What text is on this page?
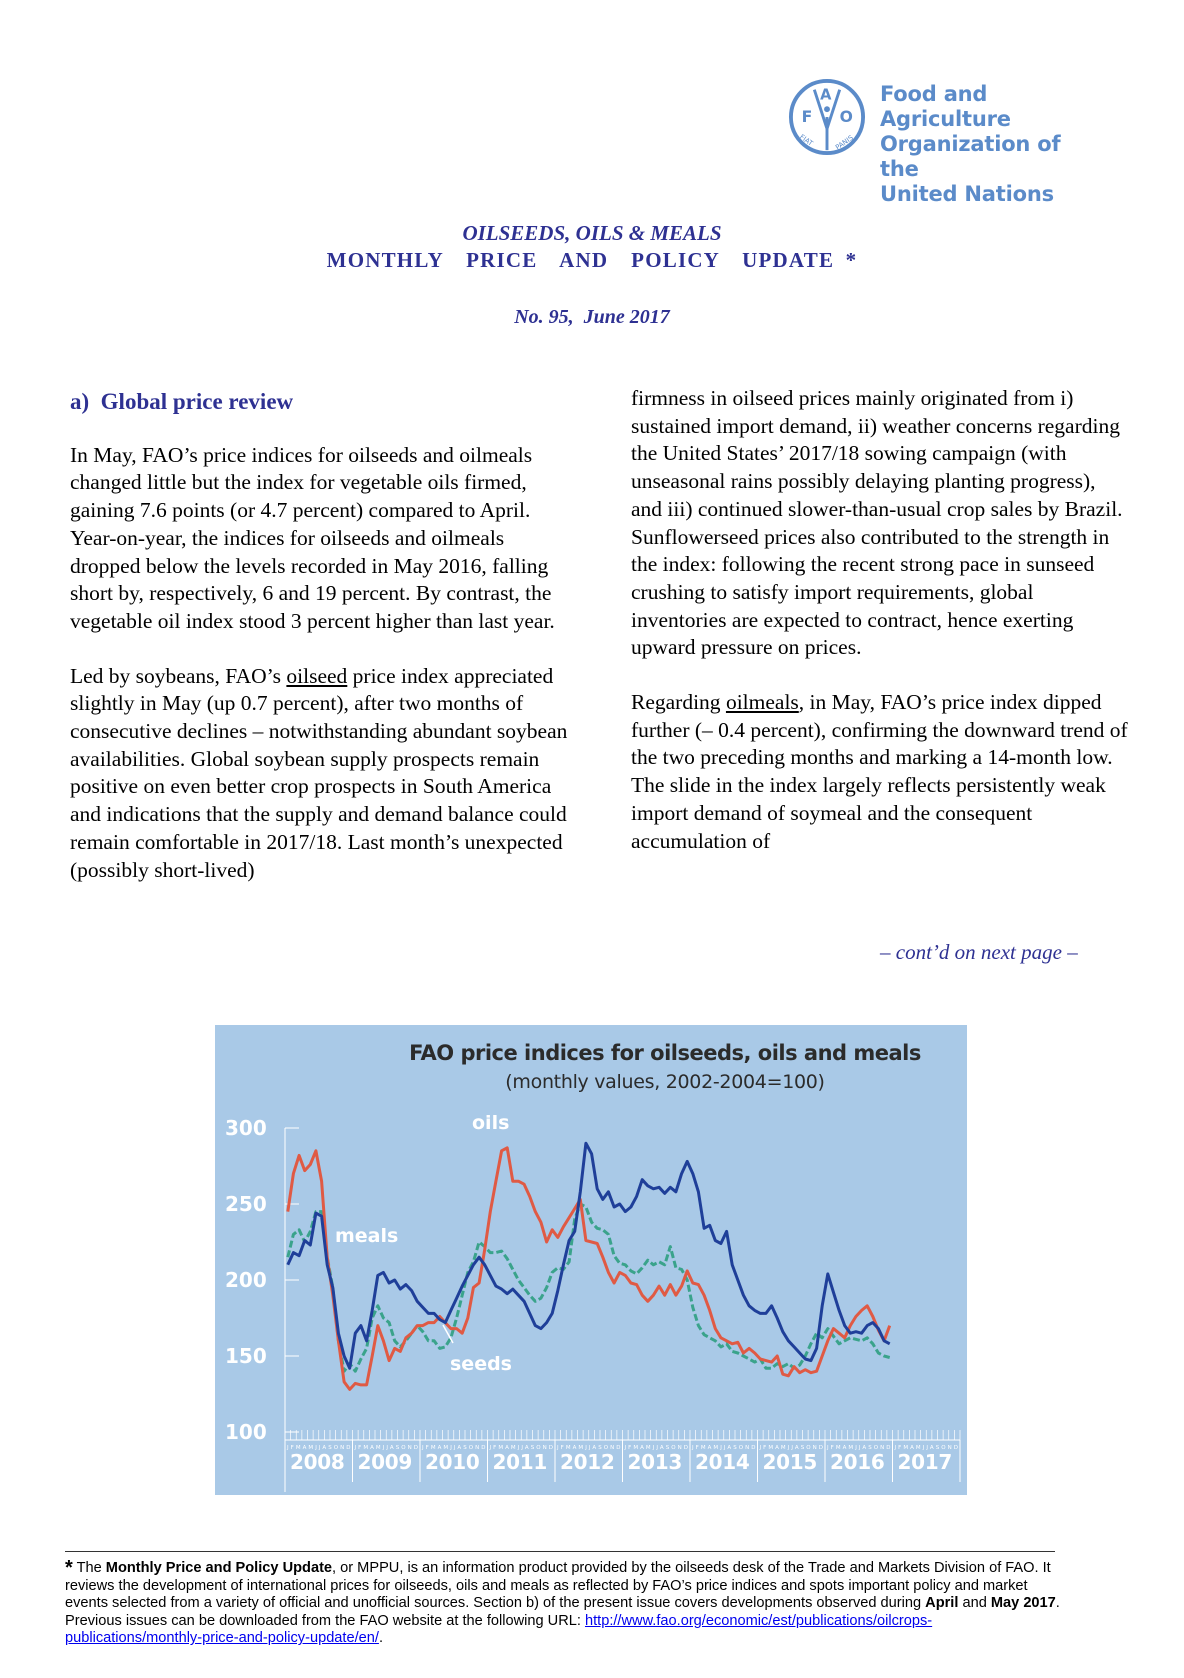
F
A
O
FIAT	PANIS
Food and Agriculture
Organization of the
United Nations
OILSEEDS, OILS & MEALS
MONTHLY  PRICE  AND  POLICY  UPDATE *
No. 95,  June 2017
a)  Global price review

In May, FAO’s price indices for oilseeds and oilmeals changed little but the index for vegetable oils firmed, gaining 7.6 points (or 4.7 percent) compared to April. Year-on-year, the indices for oilseeds and oilmeals dropped below the levels recorded in May 2016, falling short by, respectively, 6 and 19 percent. By contrast, the vegetable oil index stood 3 percent higher than last year.

Led by soybeans, FAO’s oilseed price index appreciated slightly in May (up 0.7 percent), after two months of consecutive declines – notwithstanding abundant soybean availabilities. Global soybean supply prospects remain positive on even better crop prospects in South America and indications that the supply and demand balance could remain comfortable in 2017/18. Last month’s unexpected (possibly short-lived)

firmness in oilseed prices mainly originated from i) sustained import demand, ii) weather concerns regarding the United States’ 2017/18 sowing campaign (with unseasonal rains possibly delaying planting progress), and iii) continued slower-than-usual crop sales by Brazil. Sunflowerseed prices also contributed to the strength in the index: following the recent strong pace in sunseed crushing to satisfy import requirements, global inventories are expected to contract, hence exerting upward pressure on prices.

Regarding oilmeals, in May, FAO’s price index dipped further (– 0.4 percent), confirming the downward trend of the two preceding months and marking a 14-month low. The slide in the index largely reflects persistently weak import demand of soymeal and the consequent accumulation of

– cont’d on next page –
FAO price indices for oilseeds, oils and meals
(monthly values, 2002-2004=100)
300
250
200
150
100
JFMAMJJASOND JFMAMJJASOND JFMAMJJASOND JFMAMJJASOND JFMAMJJASOND JFMAMJJASOND JFMAMJJASOND JFMAMJJASOND JFMAMJJASOND JFMAMJJASOND
oils
meals
seeds
2008 2009 2010 2011 2012 2013 2014 2015 2016 2017
* The Monthly Price and Policy Update, or MPPU, is an information product provided by the oilseeds desk of the Trade and Markets Division of FAO. It reviews the development of international prices for oilseeds, oils and meals as reflected by FAO’s price indices and spots important policy and market events selected from a variety of official and unofficial sources. Section b) of the present issue covers developments observed during April and May 2017. Previous issues can be downloaded from the FAO website at the following URL: http://www.fao.org/economic/est/publications/oilcrops-publications/monthly-price-and-policy-update/en/.
